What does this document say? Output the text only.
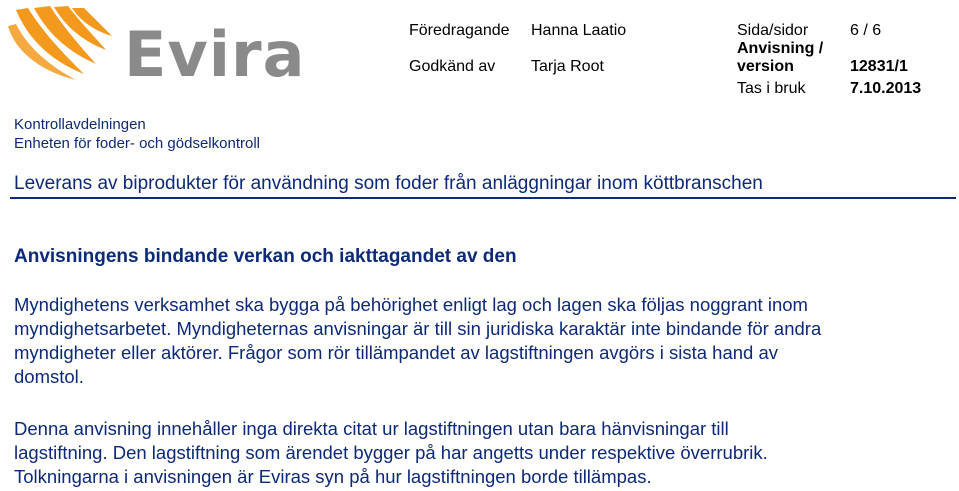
Evira	Föredragande Hanna Laatio
Godkänd av Tarja Root
Sida/sidor	6 / 6
Anvisning /
version	12831/1
Tas i bruk	7.10.2013
Kontrollavdelningen
Enheten för foder- och gödselkontroll
Leverans av biprodukter för användning som foder från anläggningar inom köttbranschen
Anvisningens bindande verkan och iakttagandet av den
Myndighetens verksamhet ska bygga på behörighet enligt lag och lagen ska följas noggrant inom
myndighetsarbetet. Myndigheternas anvisningar är till sin juridiska karaktär inte bindande för andra
myndigheter eller aktörer. Frågor som rör tillämpandet av lagstiftningen avgörs i sista hand av
domstol.
Denna anvisning innehåller inga direkta citat ur lagstiftningen utan bara hänvisningar till
lagstiftning. Den lagstiftning som ärendet bygger på har angetts under respektive överrubrik.
Tolkningarna i anvisningen är Eviras syn på hur lagstiftningen borde tillämpas.
